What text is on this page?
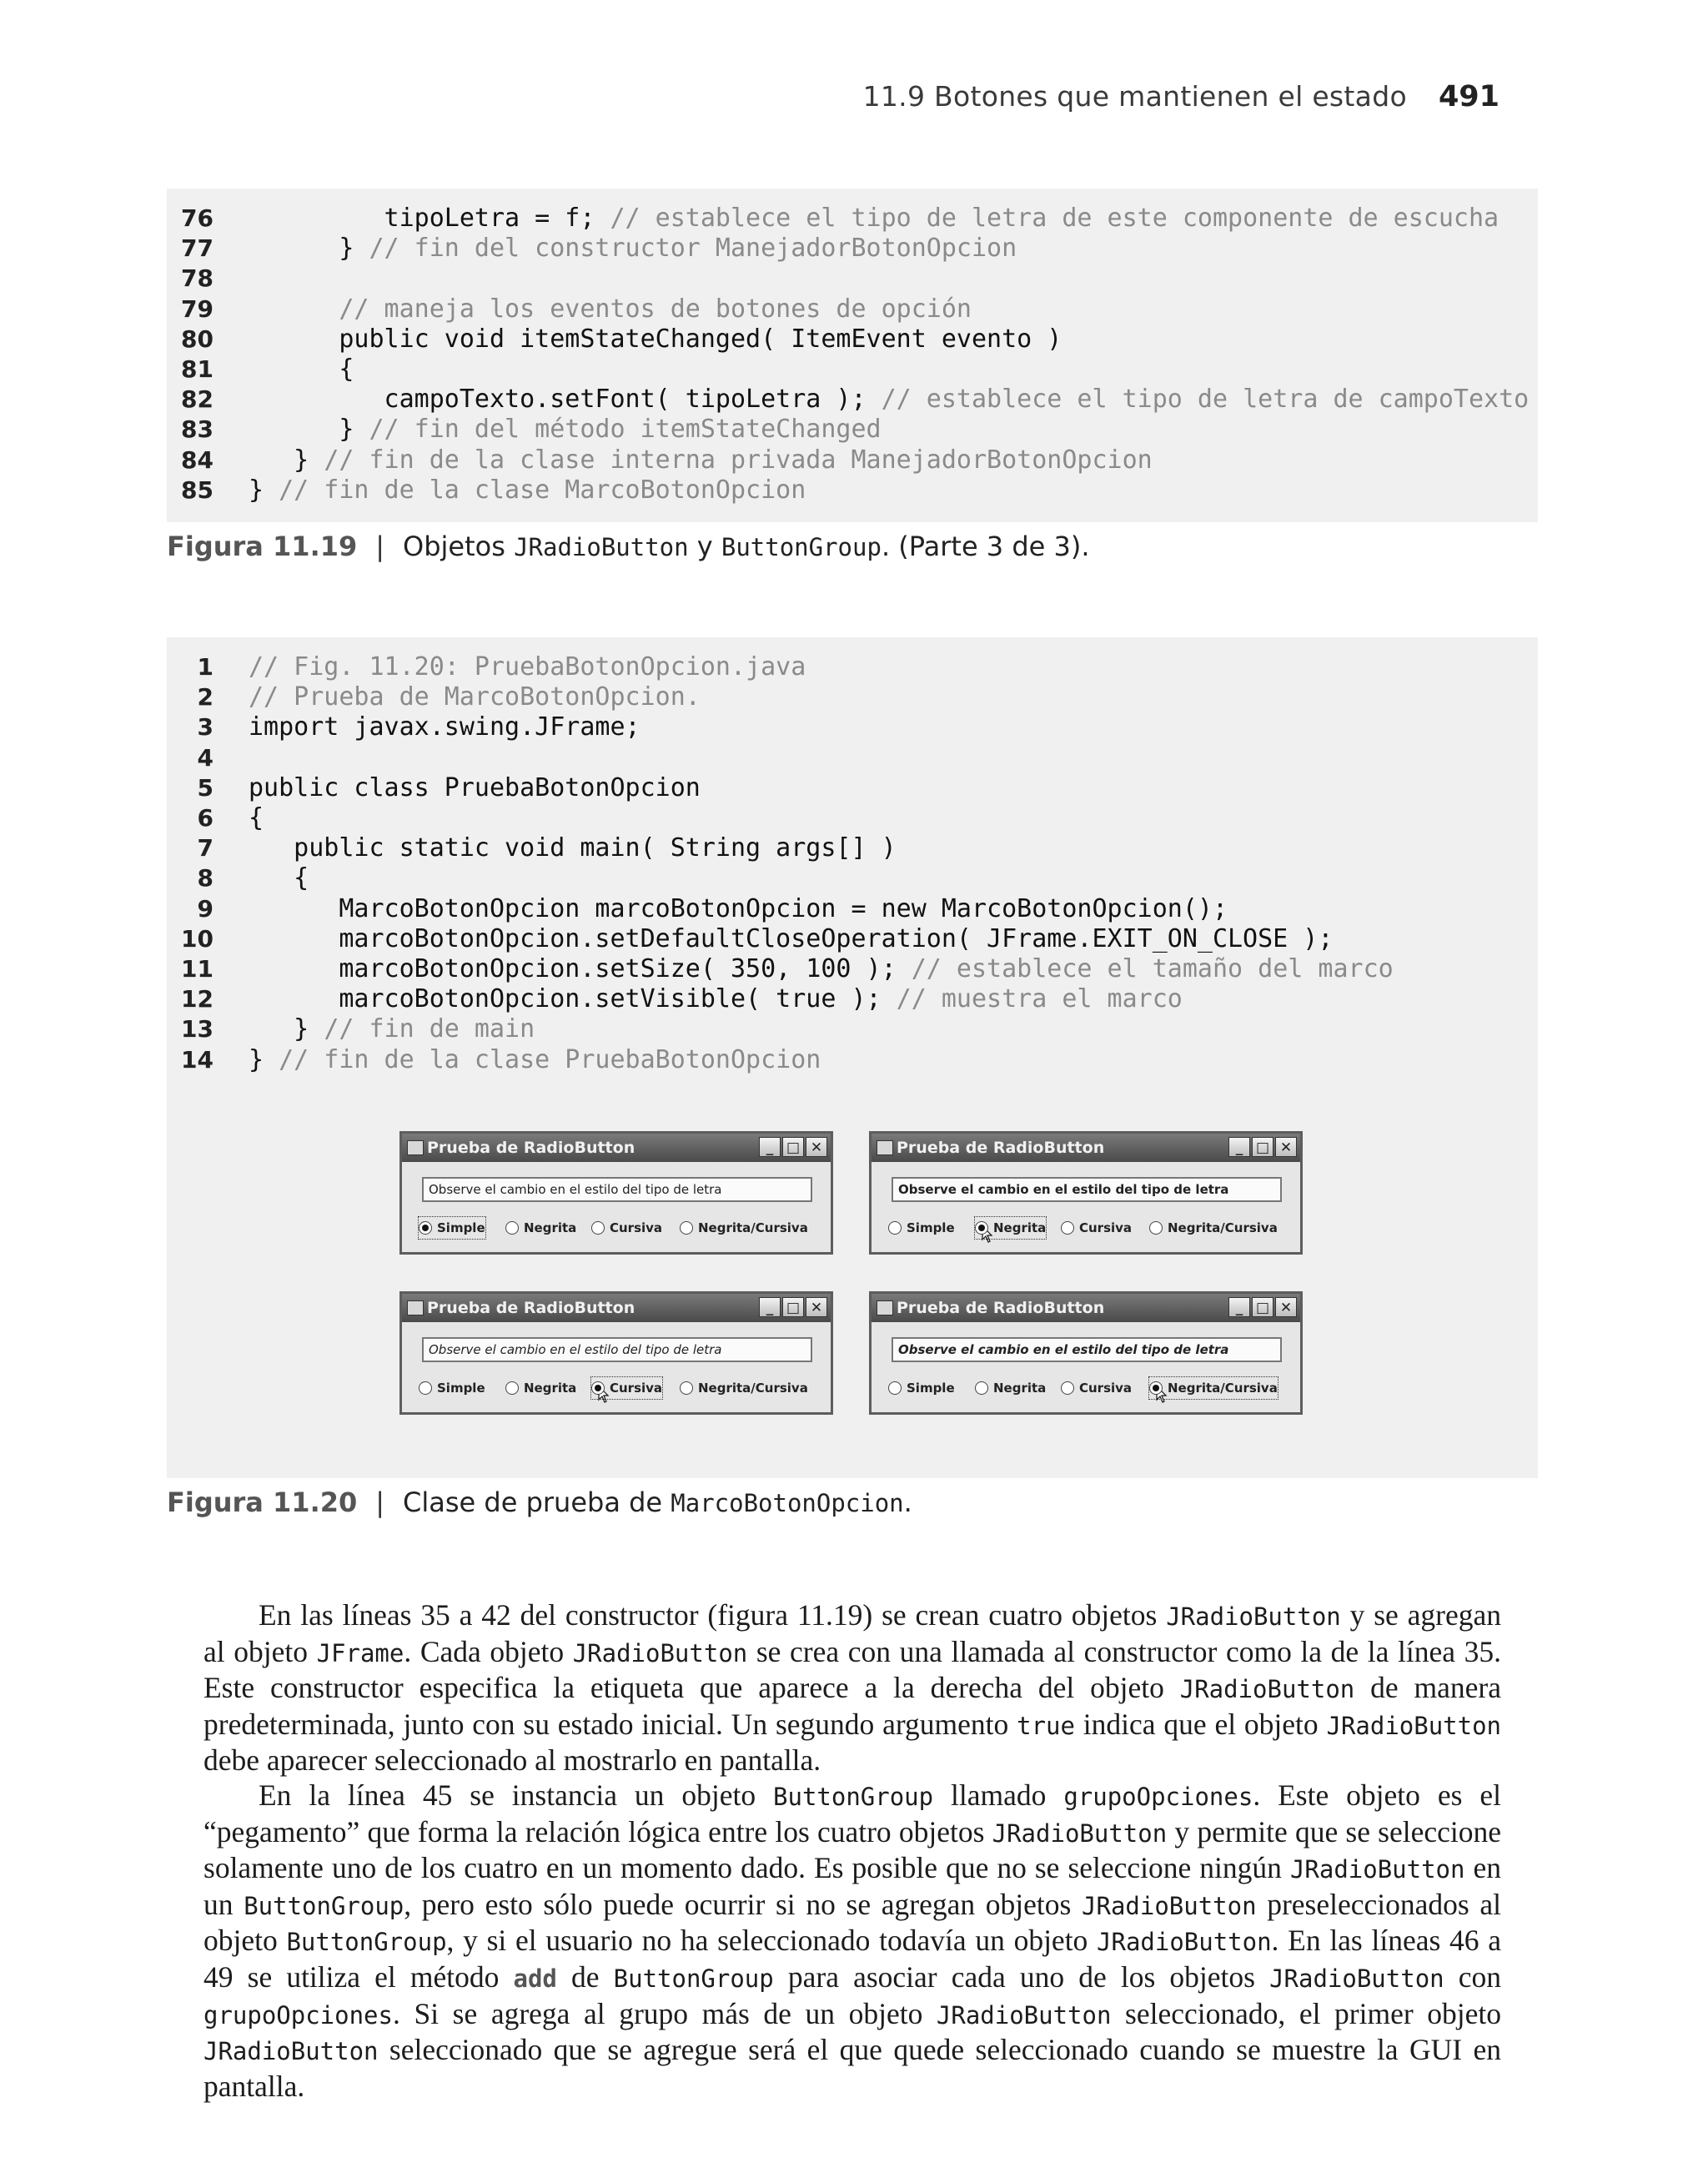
11.9 Botones que mantienen el estado 491
76 tipoLetra = f; // establece el tipo de letra de este componente de escucha
77 } // fin del constructor ManejadorBotonOpcion
78
79	// maneja los eventos de botones de opción
80 public void itemStateChanged( ItemEvent evento )
81 {
82 campoTexto.setFont( tipoLetra ); // establece el tipo de letra de campoTexto
83 } // fin del método itemStateChanged
84 } // fin de la clase interna privada ManejadorBotonOpcion
85 } // fin de la clase MarcoBotonOpcion
Figura 11.19 | Objetos JRadioButton y ButtonGroup. (Parte 3 de 3).
1 // Fig. 11.20: PruebaBotonOpcion.java
2 // Prueba de MarcoBotonOpcion.
3 import javax.swing.JFrame;
4
5 public class PruebaBotonOpcion
6 {
7 public static void main( String args[] )
8 {
9 MarcoBotonOpcion marcoBotonOpcion = new MarcoBotonOpcion();
10 marcoBotonOpcion.setDefaultCloseOperation( JFrame.EXIT_ON_CLOSE );
11 marcoBotonOpcion.setSize( 350, 100 ); // establece el tamaño del marco
12 marcoBotonOpcion.setVisible( true ); // muestra el marco
13 } // fin de main
14 } // fin de la clase PruebaBotonOpcion
Prueba de RadioButton	_ □ ✕
Observe el cambio en el estilo del tipo de letra
Simple	Negrita	Cursiva	Negrita/Cursiva
Prueba de RadioButton	_ □ ✕
Observe el cambio en el estilo del tipo de letra
Simple	Negrita	Cursiva	Negrita/Cursiva
Prueba de RadioButton	_ □ ✕
Observe el cambio en el estilo del tipo de letra
Simple	Negrita	Cursiva	Negrita/Cursiva
Prueba de RadioButton	_ □ ✕
Observe el cambio en el estilo del tipo de letra
Simple	Negrita	Cursiva	Negrita/Cursiva
Figura 11.20 | Clase de prueba de MarcoBotonOpcion.

En las líneas 35 a 42 del constructor (figura 11.19) se crean cuatro objetos JRadioButton y se agregan al objeto JFrame. Cada objeto JRadioButton se crea con una llamada al constructor como la de la línea 35. Este constructor especifica la etiqueta que aparece a la derecha del objeto JRadioButton de manera predeterminada, junto con su estado inicial. Un segundo argumento true indica que el objeto JRadioButton debe aparecer seleccionado al mostrarlo en pantalla.

En la línea 45 se instancia un objeto ButtonGroup llamado grupoOpciones. Este objeto es el “pegamento” que forma la relación lógica entre los cuatro objetos JRadioButton y permite que se seleccione solamente uno de los cuatro en un momento dado. Es posible que no se seleccione ningún JRadioButton en un ButtonGroup, pero esto sólo puede ocurrir si no se agregan objetos JRadioButton preseleccionados al objeto ButtonGroup, y si el usuario no ha seleccionado todavía un objeto JRadioButton. En las líneas 46 a 49 se utiliza el método add de ButtonGroup para asociar cada uno de los objetos JRadioButton con grupoOpciones. Si se agrega al grupo más de un objeto JRadioButton seleccionado, el primer objeto JRadioButton seleccionado que se agregue será el que quede seleccionado cuando se muestre la GUI en pantalla.
